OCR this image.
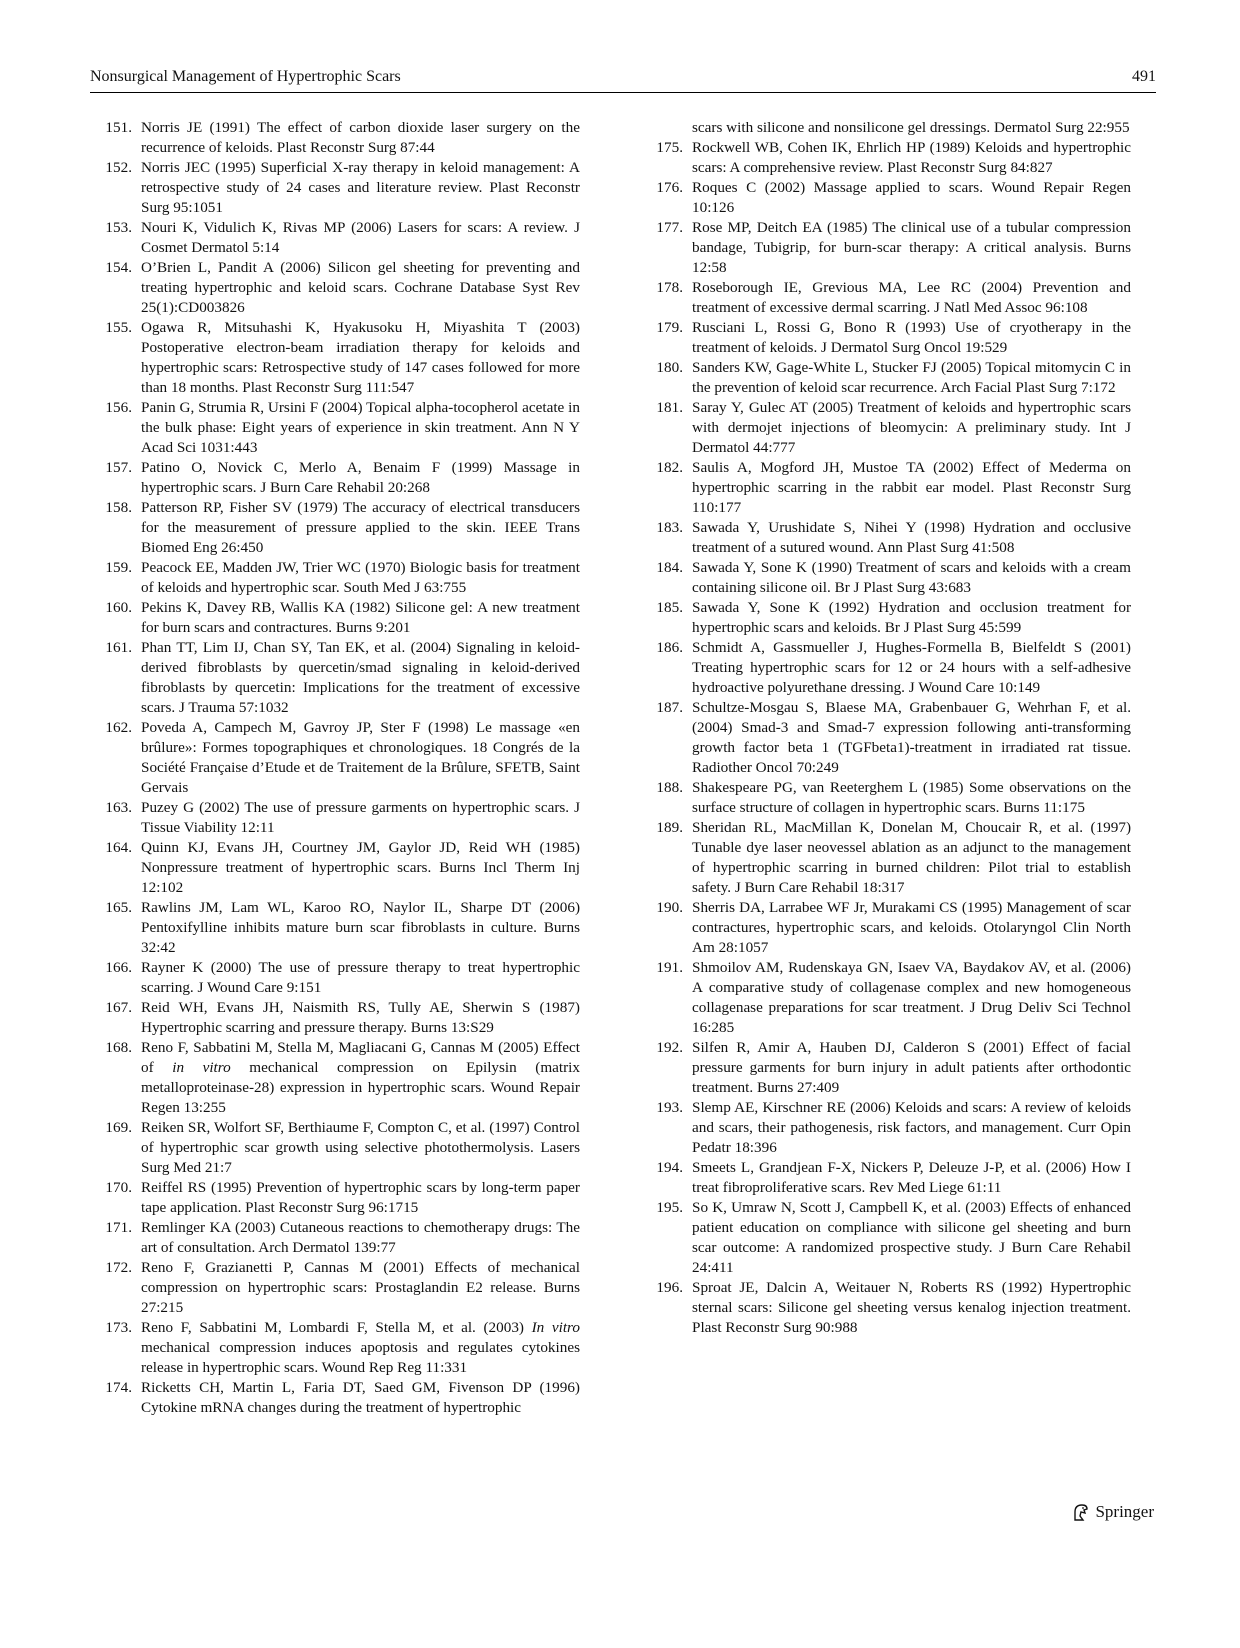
Nonsurgical Management of Hypertrophic Scars	491
151. Norris JE (1991) The effect of carbon dioxide laser surgery on the recurrence of keloids. Plast Reconstr Surg 87:44
152. Norris JEC (1995) Superficial X-ray therapy in keloid management: A retrospective study of 24 cases and literature review. Plast Reconstr Surg 95:1051
153. Nouri K, Vidulich K, Rivas MP (2006) Lasers for scars: A review. J Cosmet Dermatol 5:14
154. O’Brien L, Pandit A (2006) Silicon gel sheeting for preventing and treating hypertrophic and keloid scars. Cochrane Database Syst Rev 25(1):CD003826
155. Ogawa R, Mitsuhashi K, Hyakusoku H, Miyashita T (2003) Postoperative electron-beam irradiation therapy for keloids and hypertrophic scars: Retrospective study of 147 cases followed for more than 18 months. Plast Reconstr Surg 111:547
156. Panin G, Strumia R, Ursini F (2004) Topical alpha-tocopherol acetate in the bulk phase: Eight years of experience in skin treatment. Ann N Y Acad Sci 1031:443
157. Patino O, Novick C, Merlo A, Benaim F (1999) Massage in hypertrophic scars. J Burn Care Rehabil 20:268
158. Patterson RP, Fisher SV (1979) The accuracy of electrical transducers for the measurement of pressure applied to the skin. IEEE Trans Biomed Eng 26:450
159. Peacock EE, Madden JW, Trier WC (1970) Biologic basis for treatment of keloids and hypertrophic scar. South Med J 63:755
160. Pekins K, Davey RB, Wallis KA (1982) Silicone gel: A new treatment for burn scars and contractures. Burns 9:201
161. Phan TT, Lim IJ, Chan SY, Tan EK, et al. (2004) Signaling in keloid-derived fibroblasts by quercetin/smad signaling in keloid-derived fibroblasts by quercetin: Implications for the treatment of excessive scars. J Trauma 57:1032
162. Poveda A, Campech M, Gavroy JP, Ster F (1998) Le massage «en brûlure»: Formes topographiques et chronologiques. 18 Congrés de la Société Française d’Etude et de Traitement de la Brûlure, SFETB, Saint Gervais
163. Puzey G (2002) The use of pressure garments on hypertrophic scars. J Tissue Viability 12:11
164. Quinn KJ, Evans JH, Courtney JM, Gaylor JD, Reid WH (1985) Nonpressure treatment of hypertrophic scars. Burns Incl Therm Inj 12:102
165. Rawlins JM, Lam WL, Karoo RO, Naylor IL, Sharpe DT (2006) Pentoxifylline inhibits mature burn scar fibroblasts in culture. Burns 32:42
166. Rayner K (2000) The use of pressure therapy to treat hypertrophic scarring. J Wound Care 9:151
167. Reid WH, Evans JH, Naismith RS, Tully AE, Sherwin S (1987) Hypertrophic scarring and pressure therapy. Burns 13:S29
168. Reno F, Sabbatini M, Stella M, Magliacani G, Cannas M (2005) Effect of in vitro mechanical compression on Epilysin (matrix metalloproteinase-28) expression in hypertrophic scars. Wound Repair Regen 13:255
169. Reiken SR, Wolfort SF, Berthiaume F, Compton C, et al. (1997) Control of hypertrophic scar growth using selective photothermolysis. Lasers Surg Med 21:7
170. Reiffel RS (1995) Prevention of hypertrophic scars by long-term paper tape application. Plast Reconstr Surg 96:1715
171. Remlinger KA (2003) Cutaneous reactions to chemotherapy drugs: The art of consultation. Arch Dermatol 139:77
172. Reno F, Grazianetti P, Cannas M (2001) Effects of mechanical compression on hypertrophic scars: Prostaglandin E2 release. Burns 27:215
173. Reno F, Sabbatini M, Lombardi F, Stella M, et al. (2003) In vitro mechanical compression induces apoptosis and regulates cytokines release in hypertrophic scars. Wound Rep Reg 11:331
174. Ricketts CH, Martin L, Faria DT, Saed GM, Fivenson DP (1996) Cytokine mRNA changes during the treatment of hypertrophic
scars with silicone and nonsilicone gel dressings. Dermatol Surg 22:955
175. Rockwell WB, Cohen IK, Ehrlich HP (1989) Keloids and hypertrophic scars: A comprehensive review. Plast Reconstr Surg 84:827
176. Roques C (2002) Massage applied to scars. Wound Repair Regen 10:126
177. Rose MP, Deitch EA (1985) The clinical use of a tubular compression bandage, Tubigrip, for burn-scar therapy: A critical analysis. Burns 12:58
178. Roseborough IE, Grevious MA, Lee RC (2004) Prevention and treatment of excessive dermal scarring. J Natl Med Assoc 96:108
179. Rusciani L, Rossi G, Bono R (1993) Use of cryotherapy in the treatment of keloids. J Dermatol Surg Oncol 19:529
180. Sanders KW, Gage-White L, Stucker FJ (2005) Topical mitomycin C in the prevention of keloid scar recurrence. Arch Facial Plast Surg 7:172
181. Saray Y, Gulec AT (2005) Treatment of keloids and hypertrophic scars with dermojet injections of bleomycin: A preliminary study. Int J Dermatol 44:777
182. Saulis A, Mogford JH, Mustoe TA (2002) Effect of Mederma on hypertrophic scarring in the rabbit ear model. Plast Reconstr Surg 110:177
183. Sawada Y, Urushidate S, Nihei Y (1998) Hydration and occlusive treatment of a sutured wound. Ann Plast Surg 41:508
184. Sawada Y, Sone K (1990) Treatment of scars and keloids with a cream containing silicone oil. Br J Plast Surg 43:683
185. Sawada Y, Sone K (1992) Hydration and occlusion treatment for hypertrophic scars and keloids. Br J Plast Surg 45:599
186. Schmidt A, Gassmueller J, Hughes-Formella B, Bielfeldt S (2001) Treating hypertrophic scars for 12 or 24 hours with a self-adhesive hydroactive polyurethane dressing. J Wound Care 10:149
187. Schultze-Mosgau S, Blaese MA, Grabenbauer G, Wehrhan F, et al. (2004) Smad-3 and Smad-7 expression following anti-transforming growth factor beta 1 (TGFbeta1)-treatment in irradiated rat tissue. Radiother Oncol 70:249
188. Shakespeare PG, van Reeterghem L (1985) Some observations on the surface structure of collagen in hypertrophic scars. Burns 11:175
189. Sheridan RL, MacMillan K, Donelan M, Choucair R, et al. (1997) Tunable dye laser neovessel ablation as an adjunct to the management of hypertrophic scarring in burned children: Pilot trial to establish safety. J Burn Care Rehabil 18:317
190. Sherris DA, Larrabee WF Jr, Murakami CS (1995) Management of scar contractures, hypertrophic scars, and keloids. Otolaryngol Clin North Am 28:1057
191. Shmoilov AM, Rudenskaya GN, Isaev VA, Baydakov AV, et al. (2006) A comparative study of collagenase complex and new homogeneous collagenase preparations for scar treatment. J Drug Deliv Sci Technol 16:285
192. Silfen R, Amir A, Hauben DJ, Calderon S (2001) Effect of facial pressure garments for burn injury in adult patients after orthodontic treatment. Burns 27:409
193. Slemp AE, Kirschner RE (2006) Keloids and scars: A review of keloids and scars, their pathogenesis, risk factors, and management. Curr Opin Pedatr 18:396
194. Smeets L, Grandjean F-X, Nickers P, Deleuze J-P, et al. (2006) How I treat fibroproliferative scars. Rev Med Liege 61:11
195. So K, Umraw N, Scott J, Campbell K, et al. (2003) Effects of enhanced patient education on compliance with silicone gel sheeting and burn scar outcome: A randomized prospective study. J Burn Care Rehabil 24:411
196. Sproat JE, Dalcin A, Weitauer N, Roberts RS (1992) Hypertrophic sternal scars: Silicone gel sheeting versus kenalog injection treatment. Plast Reconstr Surg 90:988
Springer
